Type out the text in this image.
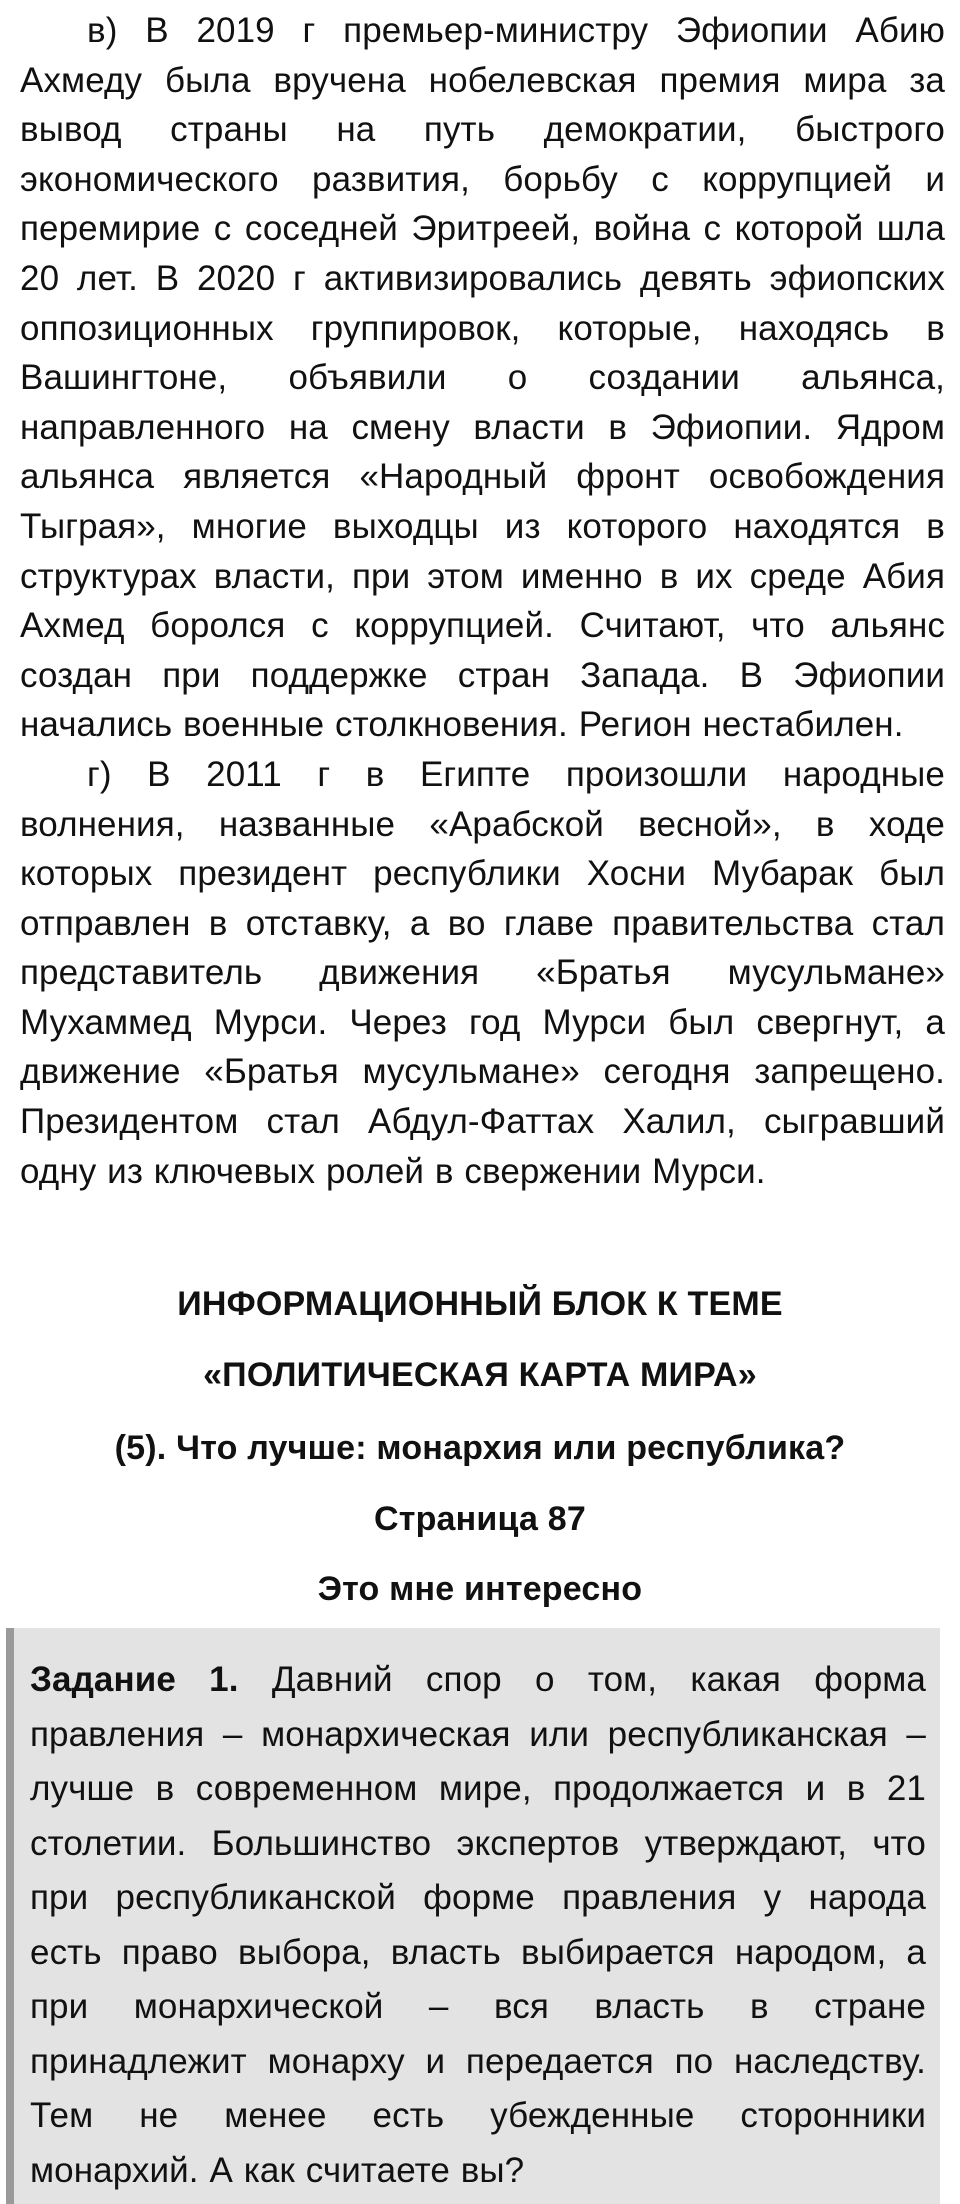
в) В 2019 г премьер-министру Эфиопии Абию Ахмеду была вручена нобелевская премия мира за вывод страны на путь демократии, быстрого экономического развития, борьбу с коррупцией и перемирие с соседней Эритреей, война с которой шла 20 лет. В 2020 г активизировались девять эфиопских оппозиционных группировок, которые, находясь в Вашингтоне, объявили о создании альянса, направленного на смену власти в Эфиопии. Ядром альянса является «Народный фронт освобождения Тыграя», многие выходцы из которого находятся в структурах власти, при этом именно в их среде Абия Ахмед боролся с коррупцией. Считают, что альянс создан при поддержке стран Запада. В Эфиопии начались военные столкновения. Регион нестабилен.

г) В 2011 г в Египте произошли народные волнения, названные «Арабской весной», в ходе которых президент республики Хосни Мубарак был отправлен в отставку, а во главе правительства стал представитель движения «Братья мусульмане» Мухаммед Мурси. Через год Мурси был свергнут, а движение «Братья мусульмане» сегодня запрещено. Президентом стал Абдул-Фаттах Халил, сыгравший одну из ключевых ролей в свержении Мурси.

ИНФОРМАЦИОННЫЙ БЛОК К ТЕМЕ

«ПОЛИТИЧЕСКАЯ КАРТА МИРА»

(5). Что лучше: монархия или республика?

Страница 87

Это мне интересно

Задание 1. Давний спор о том, какая форма правления – монархическая или республиканская – лучше в современном мире, продолжается и в 21 столетии. Большинство экспертов утверждают, что при республиканской форме правления у народа есть право выбора, власть выбирается народом, а при монархической – вся власть в стране принадлежит монарху и передается по наследству. Тем не менее есть убежденные сторонники монархий. А как считаете вы?
